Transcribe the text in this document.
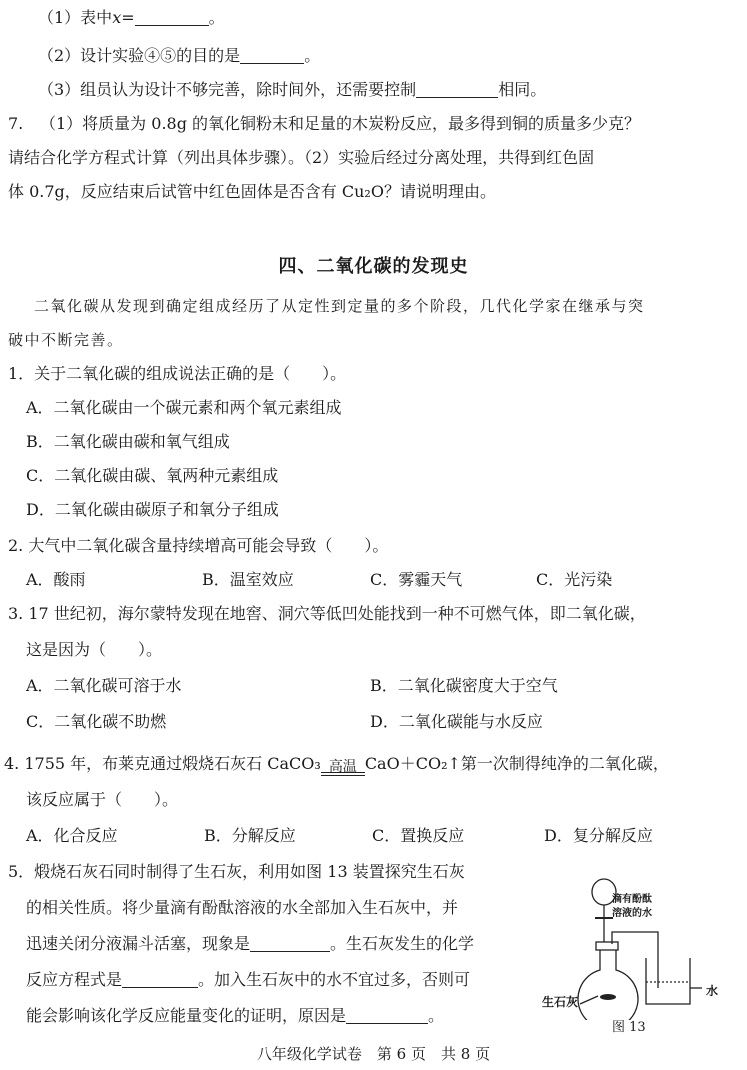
（1）表中x=	。
（2）设计实验④⑤的目的是	。
（3）组员认为设计不够完善，除时间外，还需要控制	相同。
7. （1）将质量为 0.8g 的氧化铜粉末和足量的木炭粉反应，最多得到铜的质量多少克？
请结合化学方程式计算（列出具体步骤）。（2）实验后经过分离处理，共得到红色固
体 0.7g，反应结束后试管中红色固体是否含有 Cu₂O？请说明理由。
四、二氧化碳的发现史
二氧化碳从发现到确定组成经历了从定性到定量的多个阶段，几代化学家在继承与突
破中不断完善。
1．关于二氧化碳的组成说法正确的是（　　）。
A．二氧化碳由一个碳元素和两个氧元素组成
B．二氧化碳由碳和氧气组成
C．二氧化碳由碳、氧两种元素组成
D．二氧化碳由碳原子和氧分子组成
2. 大气中二氧化碳含量持续增高可能会导致（　　）。
A．酸雨	B．温室效应	C．雾霾天气	C．光污染
3. 17 世纪初，海尔蒙特发现在地窖、洞穴等低凹处能找到一种不可燃气体，即二氧化碳，
这是因为（　　）。
A．二氧化碳可溶于水	B．二氧化碳密度大于空气
C．二氧化碳不助燃	D．二氧化碳能与水反应
4. 1755 年，布莱克通过煅烧石灰石 CaCO₃ 高温 CaO＋CO₂↑第一次制得纯净的二氧化碳，
该反应属于（　　）。
A．化合反应	B．分解反应	C．置换反应	D．复分解反应
5．煅烧石灰石同时制得了生石灰，利用如图 13 装置探究生石灰
的相关性质。将少量滴有酚酞溶液的水全部加入生石灰中，并
迅速关闭分液漏斗活塞，现象是	。生石灰发生的化学
反应方程式是	。加入生石灰中的水不宜过多，否则可
能会影响该化学反应能量变化的证明，原因是	。
滴有酚酞
溶液的水
生石灰
水
图 13
八年级化学试卷　第 6 页　共 8 页
